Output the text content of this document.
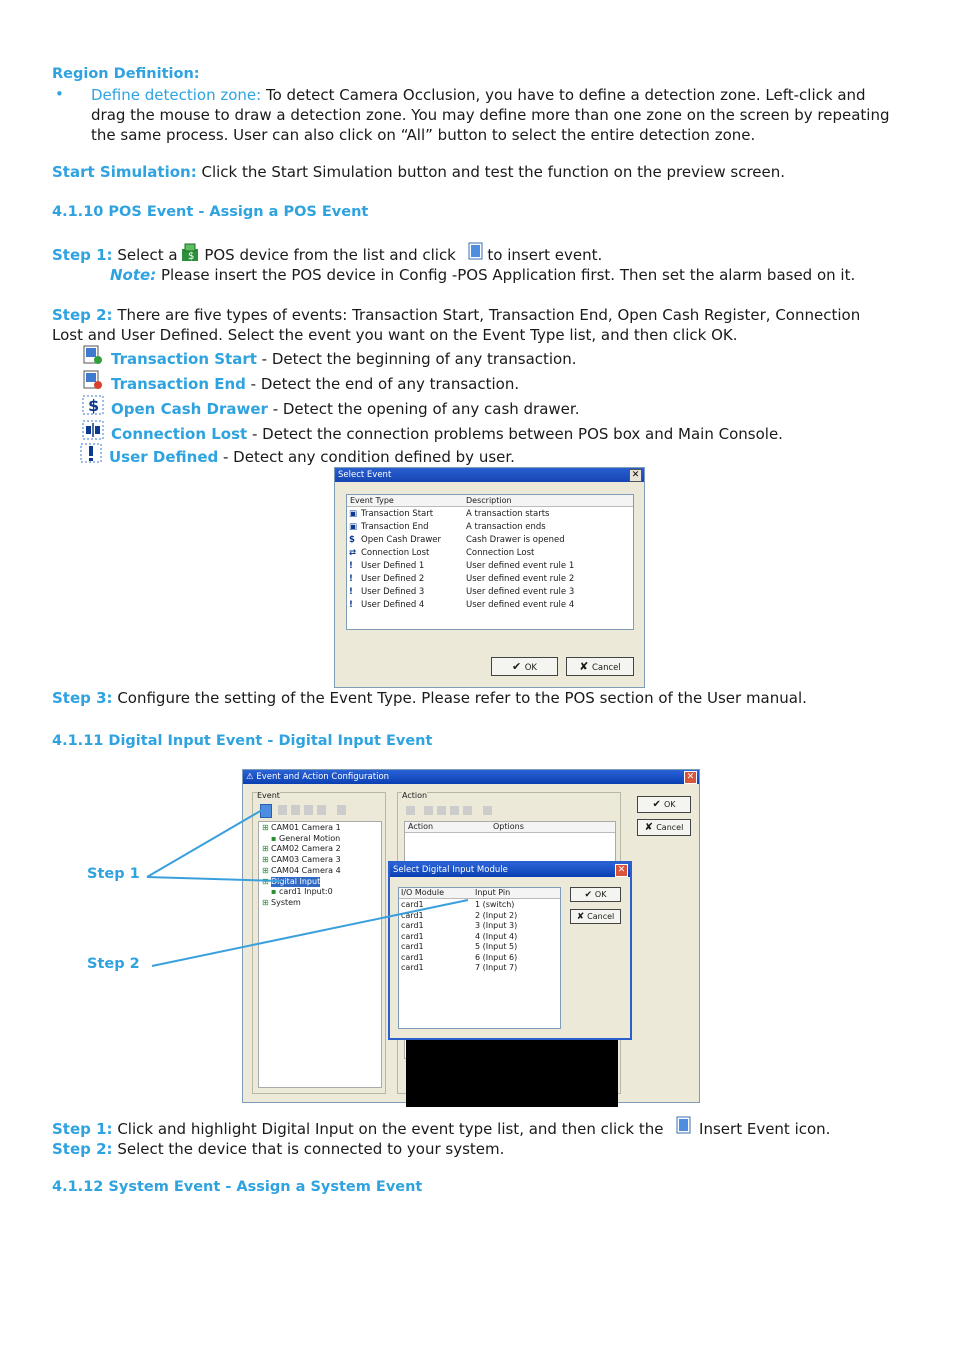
Region Definition:
• Define detection zone: To detect Camera Occlusion, you have to define a detection zone. Left-click and drag the mouse to draw a detection zone. You may define more than one zone on the screen by repeating the same process. User can also click on “All” button to select the entire detection zone.
Start Simulation: Click the Start Simulation button and test the function on the preview screen.
4.1.10 POS Event - Assign a POS Event
Step 1: Select a POS device from the list and click  to insert event.
$
Note: Please insert the POS device in Config -POS Application first. Then set the alarm based on it.
Step 2: There are five types of events: Transaction Start, Transaction End, Open Cash Register, Connection Lost and User Defined. Select the event you want on the Event Type list, and then click OK.
Transaction Start - Detect the beginning of any transaction.
Transaction End - Detect the end of any transaction.
$ Open Cash Drawer - Detect the opening of any cash drawer.
Connection Lost - Detect the connection problems between POS box and Main Console.
User Defined - Detect any condition defined by user.
Select Event	✕
Event Type	Description
▣ Transaction Start	A transaction starts
▣ Transaction End	A transaction ends
$ Open Cash Drawer	Cash Drawer is opened
⇄ Connection Lost	Connection Lost
! User Defined 1	User defined event rule 1
! User Defined 2	User defined event rule 2
! User Defined 3	User defined event rule 3
! User Defined 4	User defined event rule 4
✔ OK	✘ Cancel
Step 3: Configure the setting of the Event Type. Please refer to the POS section of the User manual.
4.1.11 Digital Input Event - Digital Input Event
⚠ Event and Action Configuration	✕
Event
CAM01 Camera 1
⊞
General Motion
▪
CAM02 Camera 2
⊞
CAM03 Camera 3
⊞
CAM04 Camera 4
⊞
Digital Input
card1 Input:0
▪
System
⊞
Action
Action	Options
✔ OK
✘ Cancel
Select Digital Input Module	✕
I/O Module	Input Pin
card1	1 (switch)
card1	2 (Input 2)
card1	3 (Input 3)
card1	4 (Input 4)
card1	5 (Input 5)
card1	6 (Input 6)
card1	7 (Input 7)
✔ OK
✘ Cancel
Step 1
Step 2
Step 1: Click and highlight Digital Input on the event type list, and then click the  Insert Event icon.
Step 2: Select the device that is connected to your system.
4.1.12 System Event - Assign a System Event
